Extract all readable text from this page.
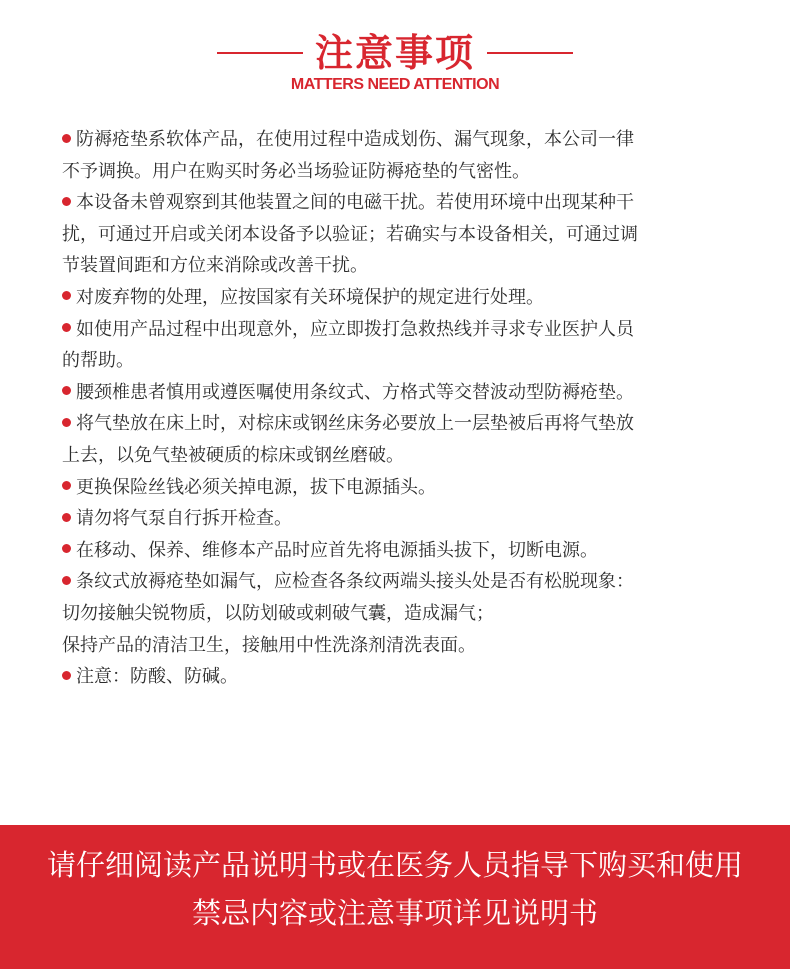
注意事项
MATTERS NEED ATTENTION
防褥疮垫系软体产品，在使用过程中造成划伤、漏气现象，本公司一律
不予调换。用户在购买时务必当场验证防褥疮垫的气密性。
本设备未曾观察到其他装置之间的电磁干扰。若使用环境中出现某种干
扰，可通过开启或关闭本设备予以验证；若确实与本设备相关，可通过调
节装置间距和方位来消除或改善干扰。
对废弃物的处理，应按国家有关环境保护的规定进行处理。
如使用产品过程中出现意外，应立即拨打急救热线并寻求专业医护人员
的帮助。
腰颈椎患者慎用或遵医嘱使用条纹式、方格式等交替波动型防褥疮垫。
将气垫放在床上时，对棕床或钢丝床务必要放上一层垫被后再将气垫放
上去，以免气垫被硬质的棕床或钢丝磨破。
更换保险丝钱必须关掉电源，拔下电源插头。
请勿将气泵自行拆开检查。
在移动、保养、维修本产品时应首先将电源插头拔下，切断电源。
条纹式放褥疮垫如漏气，应检查各条纹两端头接头处是否有松脱现象：
切勿接触尖锐物质，以防划破或刺破气囊，造成漏气；
保持产品的清洁卫生，接触用中性洗涤剂清洗表面。
注意：防酸、防碱。
请仔细阅读产品说明书或在医务人员指导下购买和使用
禁忌内容或注意事项详见说明书
